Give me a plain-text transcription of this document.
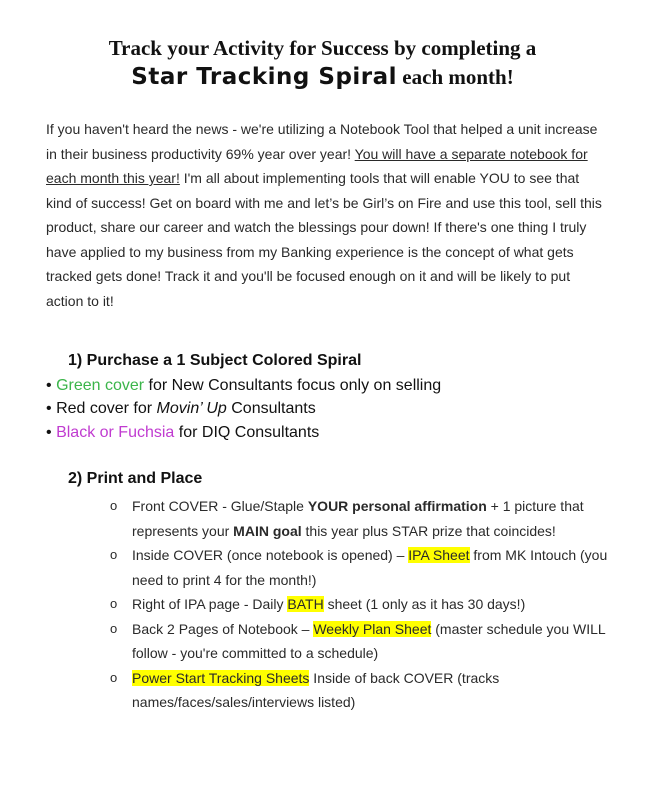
Track your Activity for Success by completing a
Star Tracking Spiral each month!
If you haven't heard the news - we're utilizing a Notebook Tool that helped a unit increase in their business productivity 69% year over year! You will have a separate notebook for each month this year! I'm all about implementing tools that will enable YOU to see that kind of success! Get on board with me and let’s be Girl’s on Fire and use this tool, sell this product, share our career and watch the blessings pour down! If there's one thing I truly have applied to my business from my Banking experience is the concept of what gets tracked gets done! Track it and you'll be focused enough on it and will be likely to put action to it!
1) Purchase a 1 Subject Colored Spiral
• Green cover for New Consultants focus only on selling
• Red cover for Movin’ Up Consultants
• Black or Fuchsia for DIQ Consultants
2) Print and Place
o Front COVER - Glue/Staple YOUR personal affirmation + 1 picture that represents your MAIN goal this year plus STAR prize that coincides!
o Inside COVER (once notebook is opened) – IPA Sheet from MK Intouch (you need to print 4 for the month!)
o Right of IPA page - Daily BATH sheet (1 only as it has 30 days!)
o Back 2 Pages of Notebook – Weekly Plan Sheet (master schedule you WILL follow - you're committed to a schedule)
o Power Start Tracking Sheets Inside of back COVER (tracks names/faces/sales/interviews listed)
